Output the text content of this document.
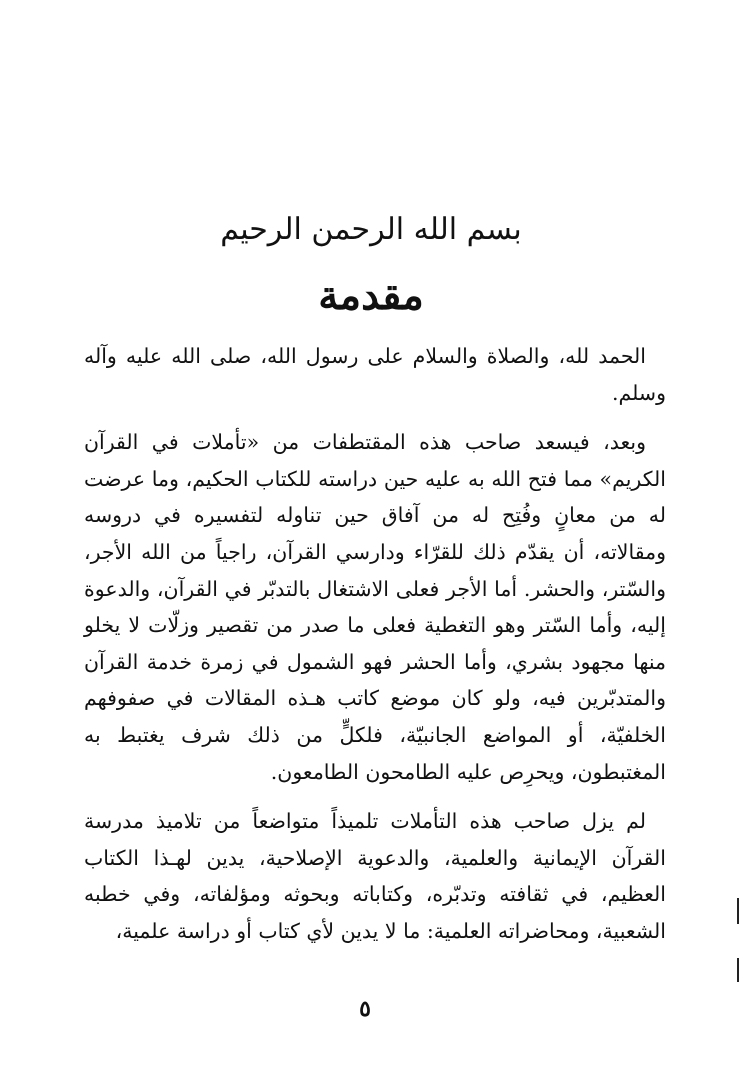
بسم الله الرحمن الرحيم
مقدمة

الحمد لله، والصلاة والسلام على رسول الله، صلى الله عليه وآله وسلم.

وبعد، فيسعد صاحب هذه المقتطفات من «تأملات في القرآن الكريم» مما فتح الله به عليه حين دراسته للكتاب الحكيم، وما عرضت له من معانٍ وفُتِح له من آفاق حين تناوله لتفسيره في دروسه ومقالاته، أن يقدّم ذلك للقرّاء ودارسي القرآن، راجياً من الله الأجر، والسّتر، والحشر. أما الأجر فعلى الاشتغال بالتدبّر في القرآن، والدعوة إليه، وأما السّتر وهو التغطية فعلى ما صدر من تقصير وزلّات لا يخلو منها مجهود بشري، وأما الحشر فهو الشمول في زمرة خدمة القرآن والمتدبّرين فيه، ولو كان موضع كاتب هـذه المقالات في صفوفهم الخلفيّة، أو المواضع الجانبيّة، فلكلٍّ من ذلك شرف يغتبط به المغتبطون، ويحرِص عليه الطامحون الطامعون.

لم يزل صاحب هذه التأملات تلميذاً متواضعاً من تلاميذ مدرسة القرآن الإيمانية والعلمية، والدعوية الإصلاحية، يدين لهـذا الكتاب العظيم، في ثقافته وتدبّره، وكتاباته وبحوثه ومؤلفاته، وفي خطبه الشعبية، ومحاضراته العلمية: ما لا يدين لأي كتاب أو دراسة علمية،

٥
